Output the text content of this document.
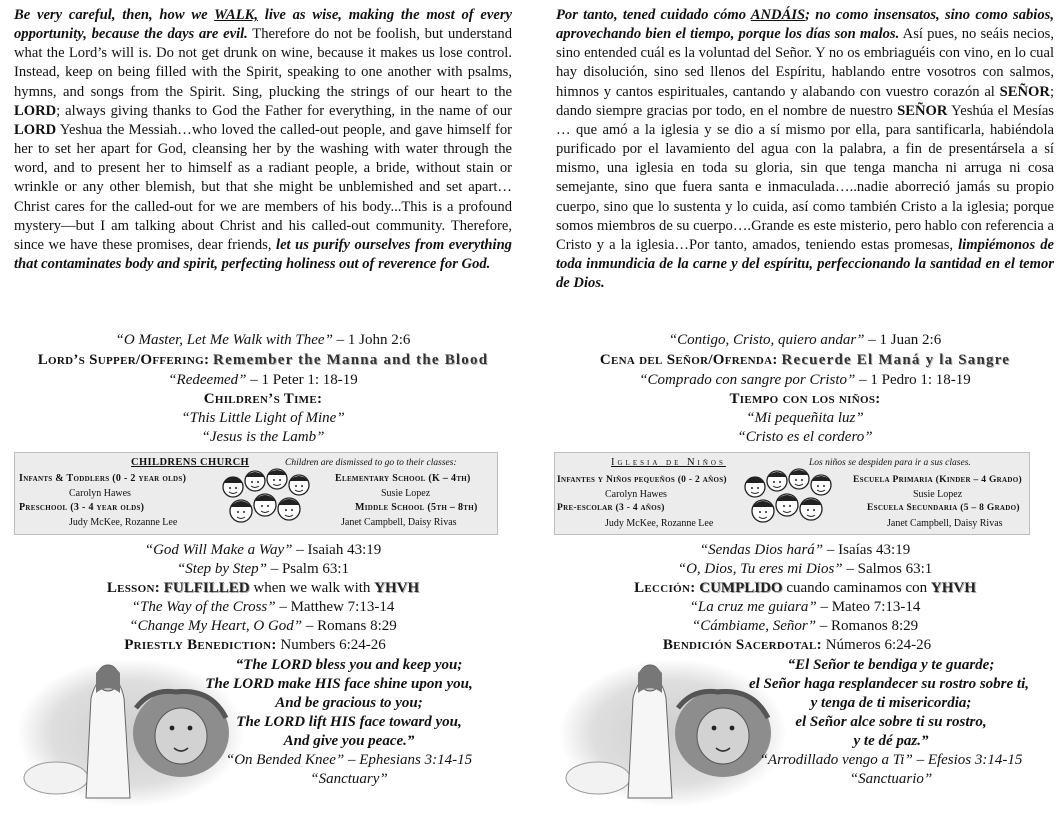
Be very careful, then, how we WALK, live as wise, making the most of every opportunity, because the days are evil. Therefore do not be foolish, but understand what the Lord’s will is. Do not get drunk on wine, because it makes us lose control. Instead, keep on being filled with the Spirit, speaking to one another with psalms, hymns, and songs from the Spirit. Sing, plucking the strings of our heart to the LORD; always giving thanks to God the Father for everything, in the name of our LORD Yeshua the Messiah…who loved the called-out people, and gave himself for her to set her apart for God, cleansing her by the washing with water through the word, and to present her to himself as a radiant people, a bride, without stain or wrinkle or any other blemish, but that she might be unblemished and set apart…Christ cares for the called-out for we are members of his body...This is a profound mystery—but I am talking about Christ and his called-out community. Therefore, since we have these promises, dear friends, let us purify ourselves from everything that contaminates body and spirit, perfecting holiness out of reverence for God.
“O Master, Let Me Walk with Thee” – 1 John 2:6
Lord’s Supper/Offering: Remember the Manna and the Blood
“Redeemed” – 1 Peter 1: 18-19
Children’s Time:
“This Little Light of Mine”
“Jesus is the Lamb”
CHILDRENS CHURCH	Children are dismissed to go to their classes:
Infants & Toddlers (0 - 2 year olds)
Carolyn Hawes
Preschool (3 - 4 year olds)
Judy McKee, Rozanne Lee
Elementary School (K – 4th)
Susie Lopez
Middle School (5th – 8th)
Janet Campbell, Daisy Rivas
“God Will Make a Way” – Isaiah 43:19
“Step by Step” – Psalm 63:1
Lesson: FULFILLED when we walk with YHVH
“The Way of the Cross” – Matthew 7:13-14
“Change My Heart, O God” – Romans 8:29
Priestly Benediction: Numbers 6:24-26
“The LORD bless you and keep you;
The LORD make HIS face shine upon you,
And be gracious to you;
The LORD lift HIS face toward you,
And give you peace.”
“On Bended Knee” – Ephesians 3:14-15
“Sanctuary”
Por tanto, tened cuidado cómo ANDÁIS; no como insensatos, sino como sabios, aprovechando bien el tiempo, porque los días son malos. Así pues, no seáis necios, sino entended cuál es la voluntad del Señor. Y no os embriaguéis con vino, en lo cual hay disolución, sino sed llenos del Espíritu, hablando entre vosotros con salmos, himnos y cantos espirituales, cantando y alabando con vuestro corazón al SEÑOR; dando siempre gracias por todo, en el nombre de nuestro SEÑOR Yeshúa el Mesías … que amó a la iglesia y se dio a sí mismo por ella, para santificarla, habiéndola purificado por el lavamiento del agua con la palabra, a fin de presentársela a sí mismo, una iglesia en toda su gloria, sin que tenga mancha ni arruga ni cosa semejante, sino que fuera santa e inmaculada…..nadie aborreció jamás su propio cuerpo, sino que lo sustenta y lo cuida, así como también Cristo a la iglesia; porque somos miembros de su cuerpo….Grande es este misterio, pero hablo con referencia a Cristo y a la iglesia…Por tanto, amados, teniendo estas promesas, limpiémonos de toda inmundicia de la carne y del espíritu, perfeccionando la santidad en el temor de Dios.
“Contigo, Cristo, quiero andar” – 1 Juan 2:6
Cena del Señor/Ofrenda: Recuerde El Maná y la Sangre
“Comprado con sangre por Cristo” – 1 Pedro 1: 18-19
Tiempo con los niños:
“Mi pequeñita luz”
“Cristo es el cordero”
Iglesia de Niños	Los niños se despiden para ir a sus clases.
Infantes y Niños pequeños (0 - 2 años)
Carolyn Hawes
Pre-escolar (3 - 4 años)
Judy McKee, Rozanne Lee
Escuela Primaria (Kinder – 4 Grado)
Susie Lopez
Escuela Secundaria (5 – 8 Grado)
Janet Campbell, Daisy Rivas
“Sendas Dios hará” – Isaías 43:19
“O, Dios, Tu eres mi Dios” – Salmos 63:1
Lección: CUMPLIDO cuando caminamos con YHVH
“La cruz me guiara” – Mateo 7:13-14
“Cámbiame, Señor” – Romanos 8:29
Bendición Sacerdotal: Números 6:24-26
“El Señor te bendiga y te guarde;
el Señor haga resplandecer su rostro sobre ti,
y tenga de ti misericordia;
el Señor alce sobre ti su rostro,
y te dé paz.”
“Arrodillado vengo a Ti” – Efesios 3:14-15
“Sanctuario”
